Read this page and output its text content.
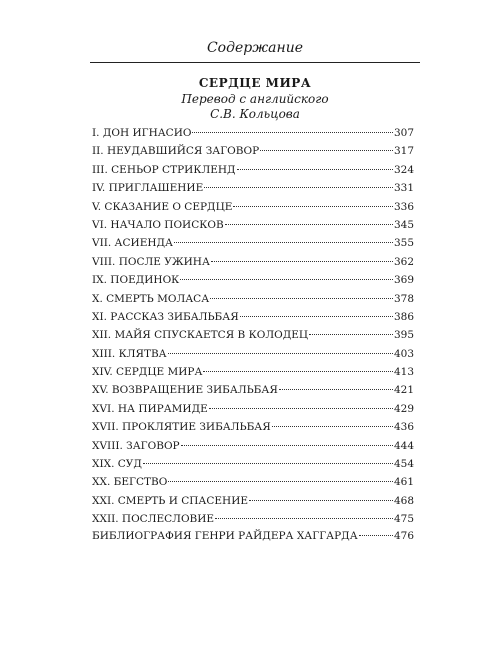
Содержание
СЕРДЦЕ МИРА
Перевод с английского
С.В. Кольцова
I. ДОН ИГНАСИО	307
II. НЕУДАВШИЙСЯ ЗАГОВОР	317
III. СЕНЬОР СТРИКЛЕНД	324
IV. ПРИГЛАШЕНИЕ	331
V. СКАЗАНИЕ О СЕРДЦЕ	336
VI. НАЧАЛО ПОИСКОВ	345
VII. АСИЕНДА	355
VIII. ПОСЛЕ УЖИНА	362
IX. ПОЕДИНОК	369
X. СМЕРТЬ МОЛАСА	378
XI. РАССКАЗ ЗИБАЛЬБАЯ	386
XII. МАЙЯ СПУСКАЕТСЯ В КОЛОДЕЦ	395
XIII. КЛЯТВА	403
XIV. СЕРДЦЕ МИРА	413
XV. ВОЗВРАЩЕНИЕ ЗИБАЛЬБАЯ	421
XVI. НА ПИРАМИДЕ	429
XVII. ПРОКЛЯТИЕ ЗИБАЛЬБАЯ	436
XVIII. ЗАГОВОР	444
XIX. СУД	454
XX. БЕГСТВО	461
XXI. СМЕРТЬ И СПАСЕНИЕ	468
XXII. ПОСЛЕСЛОВИЕ	475
БИБЛИОГРАФИЯ ГЕНРИ РАЙДЕРА ХАГГАРДА	476
